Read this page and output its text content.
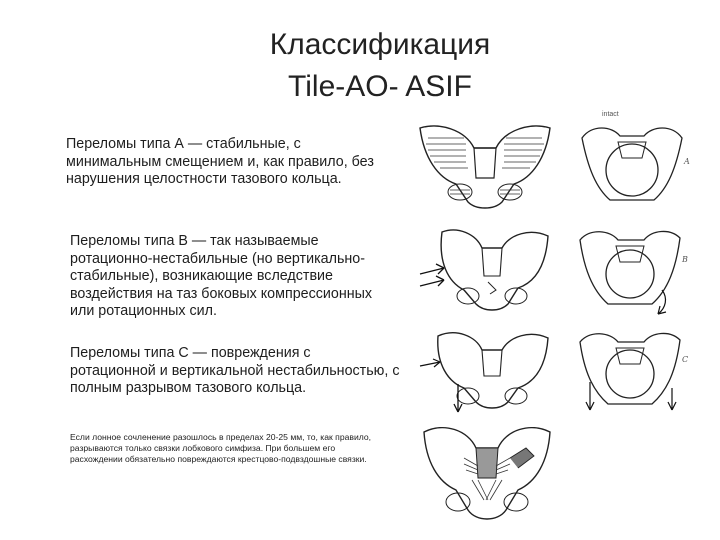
Классификация
Tile-AO- ASIF
Переломы типа А — стабильные, с минимальным смещением и, как правило, без нарушения целостности тазового кольца.
Переломы типа В — так называемые ротационно-нестабильные (но вертикально- стабильные), возникающие вследствие воздействия на таз боковых компрессионных или ротационных сил.
Переломы типа С — повреждения с ротационной и вертикальной нестабильностью, с полным разрывом тазового кольца.
Если лонное сочленение разошлось в пределах 20-25 мм, то, как правило, разрываются только связки лобкового симфиза. При большем его расхождении обязательно повреждаются крестцово-подвздошные связки.
intact
A
B
C
